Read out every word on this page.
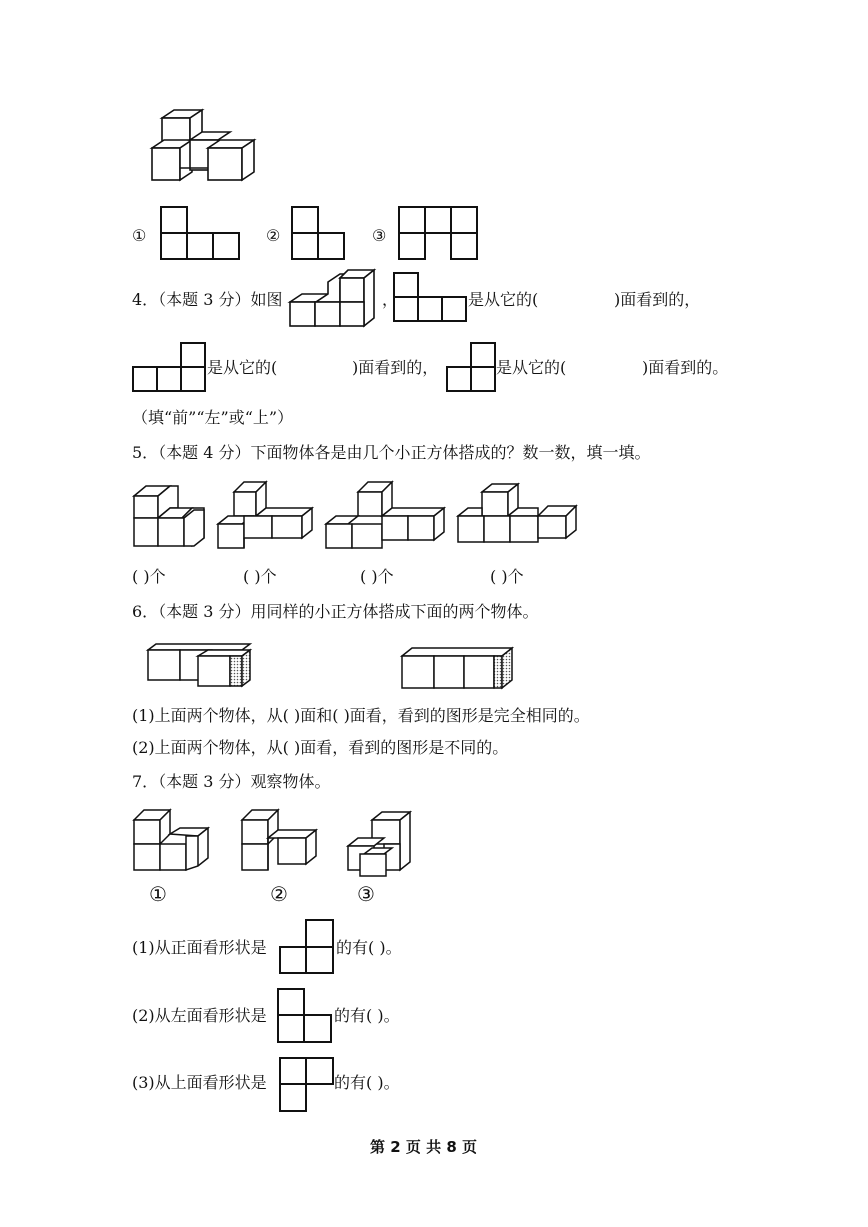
①	②	③
4．（本题 3 分）如图	，	是从它的(	)面看到的，
是从它的(	)面看到的，	是从它的(	)面看到的。
（填“前”“左”或“上”）
5．（本题 4 分）下面物体各是由几个小正方体搭成的？数一数，填一填。
( )个	( )个	( )个	( )个
6．（本题 3 分）用同样的小正方体搭成下面的两个物体。
(1)上面两个物体，从( )面和( )面看，看到的图形是完全相同的。
(2)上面两个物体，从( )面看，看到的图形是不同的。
7．（本题 3 分）观察物体。
①	②	③
(1)从正面看形状是	的有( )。
(2)从左面看形状是	的有( )。
(3)从上面看形状是	的有( )。
第 2 页 共 8 页
